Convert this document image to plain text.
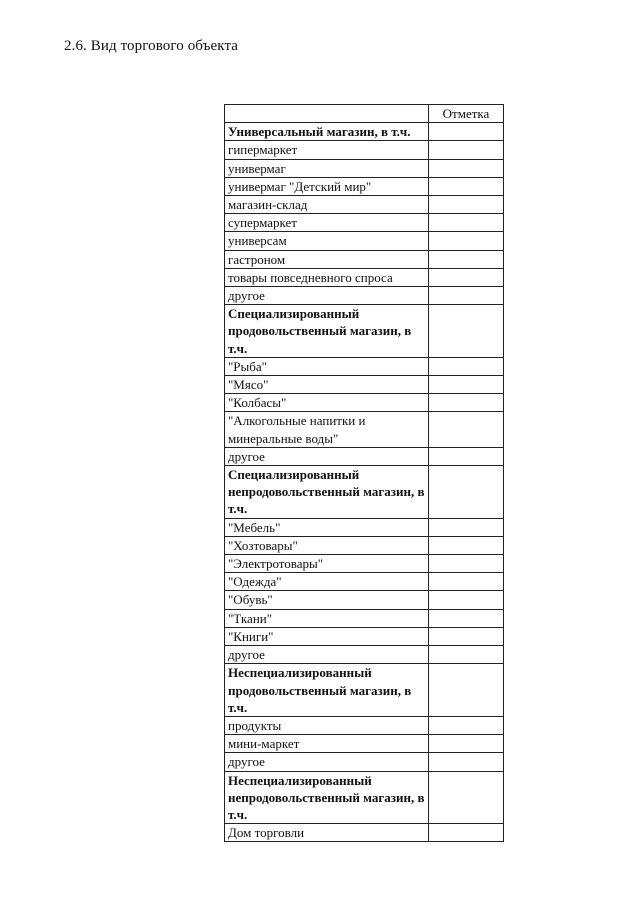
2.6. Вид торгового объекта
	Отметка
Универсальный магазин, в т.ч.	
гипермаркет	
универмаг	
универмаг "Детский мир"	
магазин-склад	
супермаркет	
универсам	
гастроном	
товары повседневного спроса	
другое	
Специализированный продовольственный магазин, в т.ч.	
"Рыба"	
"Мясо"	
"Колбасы"	
"Алкогольные напитки и минеральные воды"	
другое	
Специализированный непродовольственный магазин, в т.ч.	
"Мебель"	
"Хозтовары"	
"Электротовары"	
"Одежда"	
"Обувь"	
"Ткани"	
"Книги"	
другое	
Неспециализированный продовольственный магазин, в т.ч.	
продукты	
мини-маркет	
другое	
Неспециализированный непродовольственный магазин, в т.ч.	
Дом торговли	
